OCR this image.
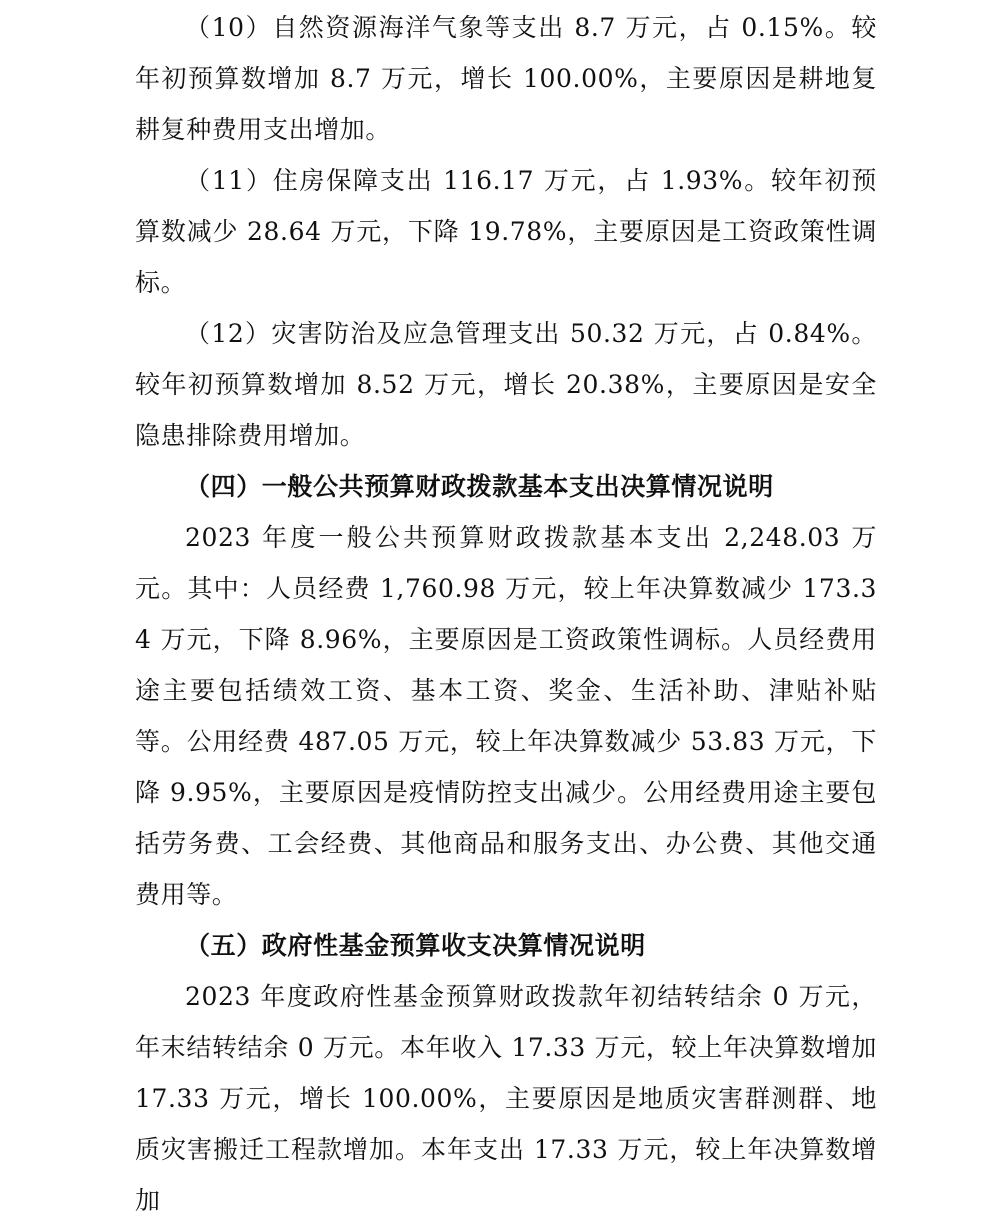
（10）自然资源海洋气象等支出 8.7 万元，占 0.15%。较年初预算数增加 8.7 万元，增长 100.00%，主要原因是耕地复耕复种费用支出增加。

（11）住房保障支出 116.17 万元，占 1.93%。较年初预算数减少 28.64 万元，下降 19.78%，主要原因是工资政策性调标。

（12）灾害防治及应急管理支出 50.32 万元，占 0.84%。较年初预算数增加 8.52 万元，增长 20.38%，主要原因是安全隐患排除费用增加。

（四）一般公共预算财政拨款基本支出决算情况说明

2023 年度一般公共预算财政拨款基本支出 2,248.03 万元。其中：人员经费 1,760.98 万元，较上年决算数减少 173.34 万元，下降 8.96%，主要原因是工资政策性调标。人员经费用途主要包括绩效工资、基本工资、奖金、生活补助、津贴补贴等。公用经费 487.05 万元，较上年决算数减少 53.83 万元，下降 9.95%，主要原因是疫情防控支出减少。公用经费用途主要包括劳务费、工会经费、其他商品和服务支出、办公费、其他交通费用等。

（五）政府性基金预算收支决算情况说明

2023 年度政府性基金预算财政拨款年初结转结余 0 万元，年末结转结余 0 万元。本年收入 17.33 万元，较上年决算数增加 17.33 万元，增长 100.00%，主要原因是地质灾害群测群、地质灾害搬迁工程款增加。本年支出 17.33 万元，较上年决算数增加
